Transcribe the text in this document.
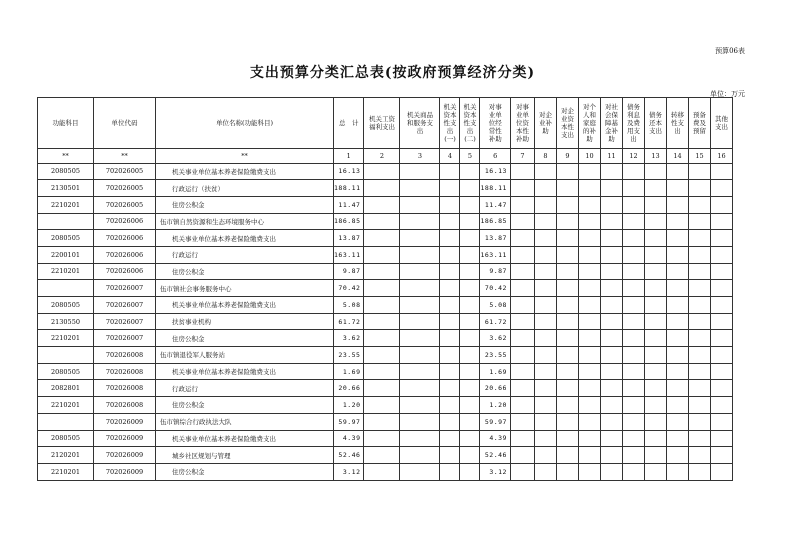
预算06表
支出预算分类汇总表(按政府预算经济分类)
单位：万元
功能科目	单位代码	单位名称(功能科目)	总　计	机关工资福利支出	机关商品和服务支出	机关资本性支出(一)	机关资本性支出(二)	对事业单位经常性补助	对事业单位资本性补助	对企业补助	对企业资本性支出	对个人和家庭的补助	对社会保障基金补助	债务利息及费用支出	债务还本支出	转移性支出	预备费及预留	其他支出

**	**	**	1	2	3	4	5	6	7	8	9	10	11	12	13	14	15	16
2080505	702026005	机关事业单位基本养老保险缴费支出	16.13					16.13										
2130501	702026005	行政运行（扶贫）	188.11					188.11										
2210201	702026005	住房公积金	11.47					11.47										
	702026006	伍市镇自然资源和生态环境服务中心	186.85					186.85										
2080505	702026006	机关事业单位基本养老保险缴费支出	13.87					13.87										
2200101	702026006	行政运行	163.11					163.11										
2210201	702026006	住房公积金	9.87					9.87										
	702026007	伍市镇社会事务服务中心	70.42					70.42										
2080505	702026007	机关事业单位基本养老保险缴费支出	5.08					5.08										
2130550	702026007	扶贫事业机构	61.72					61.72										
2210201	702026007	住房公积金	3.62					3.62										
	702026008	伍市镇退役军人服务站	23.55					23.55										
2080505	702026008	机关事业单位基本养老保险缴费支出	1.69					1.69										
2082801	702026008	行政运行	20.66					20.66										
2210201	702026008	住房公积金	1.20					1.20										
	702026009	伍市镇综合行政执法大队	59.97					59.97										
2080505	702026009	机关事业单位基本养老保险缴费支出	4.39					4.39										
2120201	702026009	城乡社区规划与管理	52.46					52.46										
2210201	702026009	住房公积金	3.12					3.12										
